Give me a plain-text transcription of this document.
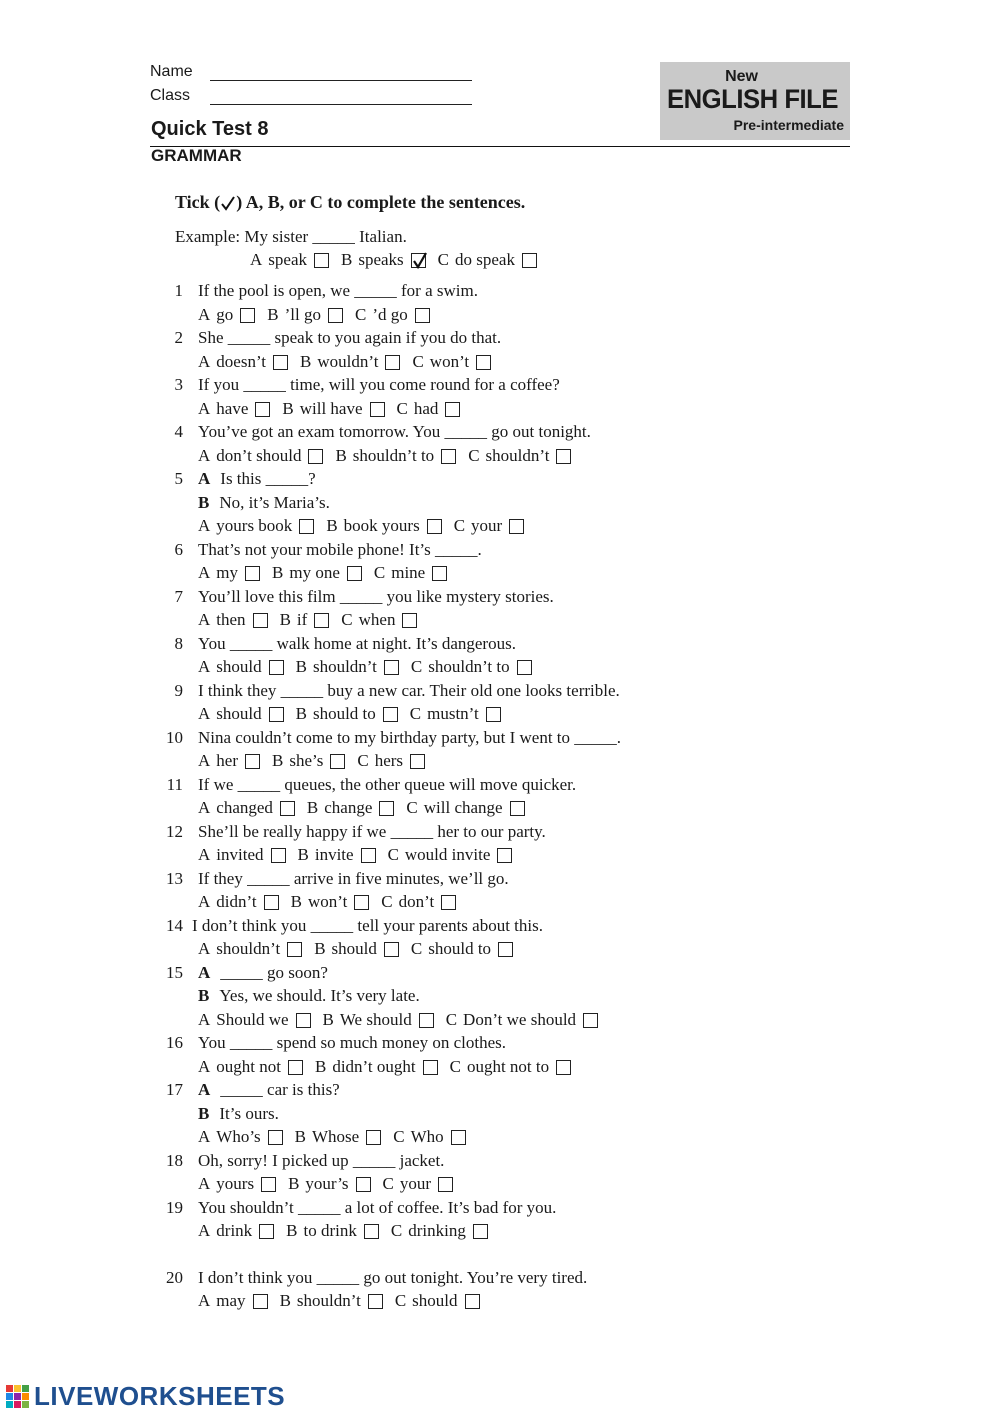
Name
Class
New
ENGLISH FILE
Pre-intermediate
Quick Test 8
GRAMMAR
Tick ( ) A, B, or C to complete the sentences.
Example: My sister _____ Italian.
A speak B speaks C do speak
1 If the pool is open, we _____ for a swim.
A go B ’ll go C ’d go
2 She _____ speak to you again if you do that.
A doesn’t B wouldn’t C won’t
3 If you _____ time, will you come round for a coffee?
A have B will have C had
4 You’ve got an exam tomorrow. You _____ go out tonight.
A don’t should B shouldn’t to C shouldn’t
5 A Is this _____?
B No, it’s Maria’s.
A yours book B book yours C your
6 That’s not your mobile phone! It’s _____.
A my B my one C mine
7 You’ll love this film _____ you like mystery stories.
A then B if C when
8 You _____ walk home at night. It’s dangerous.
A should B shouldn’t C shouldn’t to
9 I think they _____ buy a new car. Their old one looks terrible.
A should B should to C mustn’t
10 Nina couldn’t come to my birthday party, but I went to _____.
A her B she’s C hers
11 If we _____ queues, the other queue will move quicker.
A changed B change C will change
12 She’ll be really happy if we _____ her to our party.
A invited B invite C would invite
13 If they _____ arrive in five minutes, we’ll go.
A didn’t B won’t C don’t
14 I don’t think you _____ tell your parents about this.
A shouldn’t B should C should to
15 A _____ go soon?
B Yes, we should. It’s very late.
A Should we B We should C Don’t we should
16 You _____ spend so much money on clothes.
A ought not B didn’t ought C ought not to
17 A _____ car is this?
B It’s ours.
A Who’s B Whose C Who
18 Oh, sorry! I picked up _____ jacket.
A yours B your’s C your
19 You shouldn’t _____ a lot of coffee. It’s bad for you.
A drink B to drink C drinking
20 I don’t think you _____ go out tonight. You’re very tired.
A may B shouldn’t C should
LIVEWORKSHEETS
